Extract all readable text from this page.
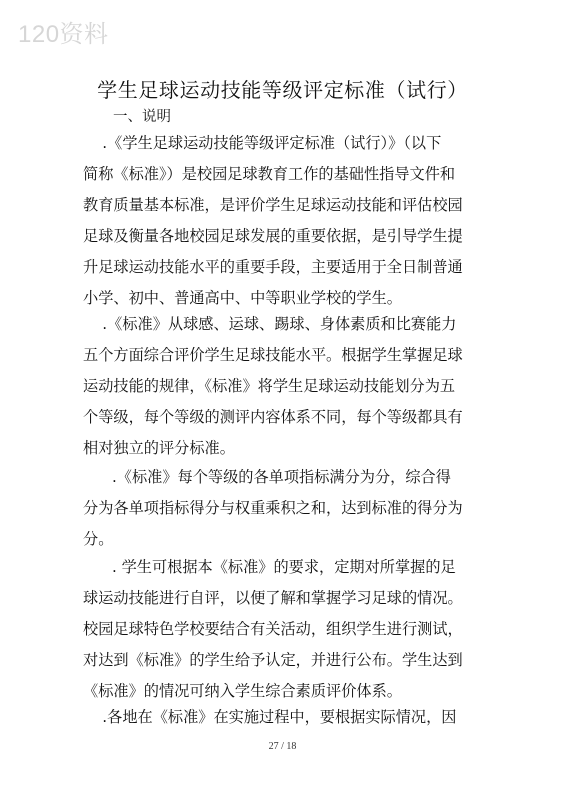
120资料
学生足球运动技能等级评定标准（试行）
一、说明
.《学生足球运动技能等级评定标准（试行）》（以下
简称《标准》）是校园足球教育工作的基础性指导文件和
教育质量基本标准，是评价学生足球运动技能和评估校园
足球及衡量各地校园足球发展的重要依据，是引导学生提
升足球运动技能水平的重要手段，主要适用于全日制普通
小学、初中、普通高中、中等职业学校的学生。
.《标准》从球感、运球、踢球、身体素质和比赛能力
五个方面综合评价学生足球技能水平。根据学生掌握足球
运动技能的规律，《标准》将学生足球运动技能划分为五
个等级，每个等级的测评内容体系不同，每个等级都具有
相对独立的评分标准。
.《标准》每个等级的各单项指标满分为分，综合得
分为各单项指标得分与权重乘积之和，达到标准的得分为
分。
. 学生可根据本《标准》的要求，定期对所掌握的足
球运动技能进行自评，以便了解和掌握学习足球的情况。
校园足球特色学校要结合有关活动，组织学生进行测试，
对达到《标准》的学生给予认定，并进行公布。学生达到
《标准》的情况可纳入学生综合素质评价体系。
.各地在《标准》在实施过程中，要根据实际情况，因
27 / 18
